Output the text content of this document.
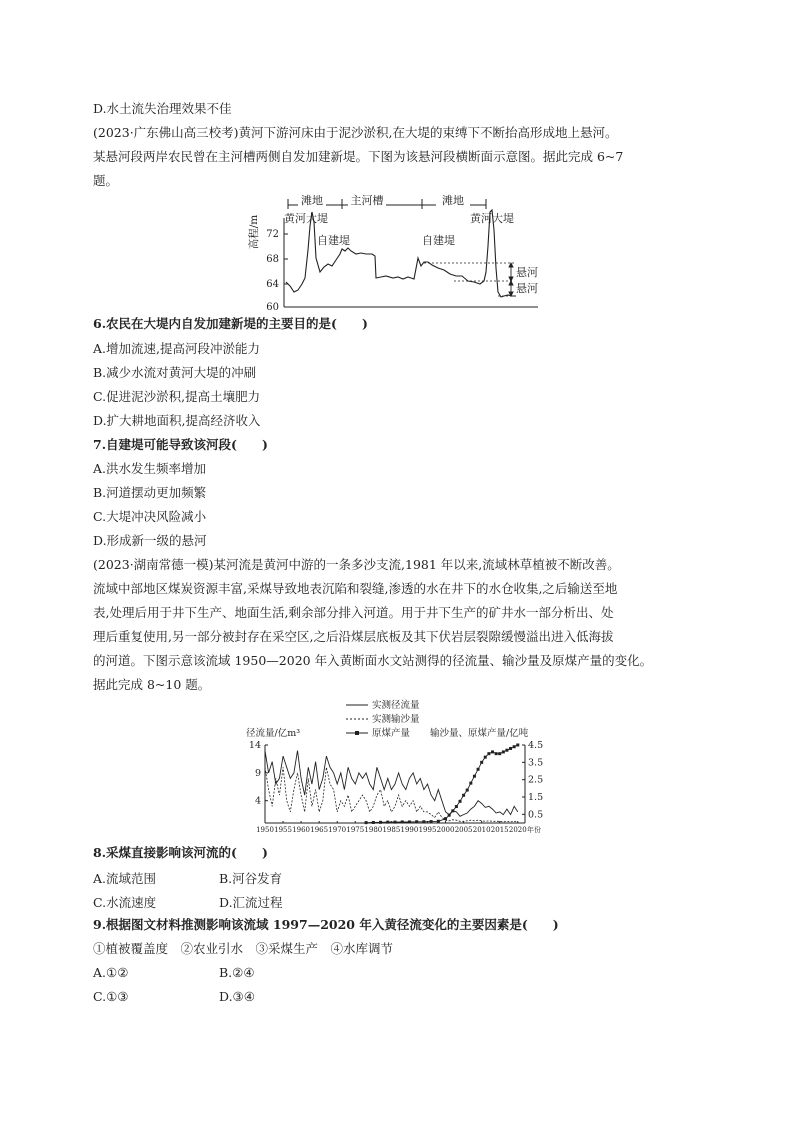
D.水土流失治理效果不佳
(2023·广东佛山高三校考)黄河下游河床由于泥沙淤积,在大堤的束缚下不断抬高形成地上悬河。
某悬河段两岸农民曾在主河槽两侧自发加建新堤。下图为该悬河段横断面示意图。据此完成 6~7
题。
滩地	主河槽	滩地
高程/m 72
68
64
60
悬河
悬河
黄河大堤	黄河大堤
自建堤	自建堤
6.农民在大堤内自发加建新堤的主要目的是(　　)
A.增加流速,提高河段冲淤能力
B.减少水流对黄河大堤的冲刷
C.促进泥沙淤积,提高土壤肥力
D.扩大耕地面积,提高经济收入
7.自建堤可能导致该河段(　　)
A.洪水发生频率增加
B.河道摆动更加频繁
C.大堤冲决风险减小
D.形成新一级的悬河
(2023·湖南常德一模)某河流是黄河中游的一条多沙支流,1981 年以来,流域林草植被不断改善。
流域中部地区煤炭资源丰富,采煤导致地表沉陷和裂缝,渗透的水在井下的水仓收集,之后输送至地
表,处理后用于井下生产、地面生活,剩余部分排入河道。用于井下生产的矿井水一部分析出、处
理后重复使用,另一部分被封存在采空区,之后沿煤层底板及其下伏岩层裂隙缓慢溢出进入低海拔
的河道。下图示意该流域 1950—2020 年入黄断面水文站测得的径流量、输沙量及原煤产量的变化。
据此完成 8~10 题。
实测径流量
实测输沙量
原煤产量
径流量/亿m³	输沙量、原煤产量/亿吨
14
9
4
4.5
3.5
2.5
1.5
0.5
1950 1955 1960 1965 1970 1975 1980 1985 1990 1995 2000 2005 2010 2015 2020 年份
8.采煤直接影响该河流的(　　)
A.流域范围	B.河谷发育
C.水流速度	D.汇流过程
9.根据图文材料推测影响该流域 1997—2020 年入黄径流变化的主要因素是(　　)
①植被覆盖度　②农业引水　③采煤生产　④水库调节
A.①②	B.②④
C.①③	D.③④
